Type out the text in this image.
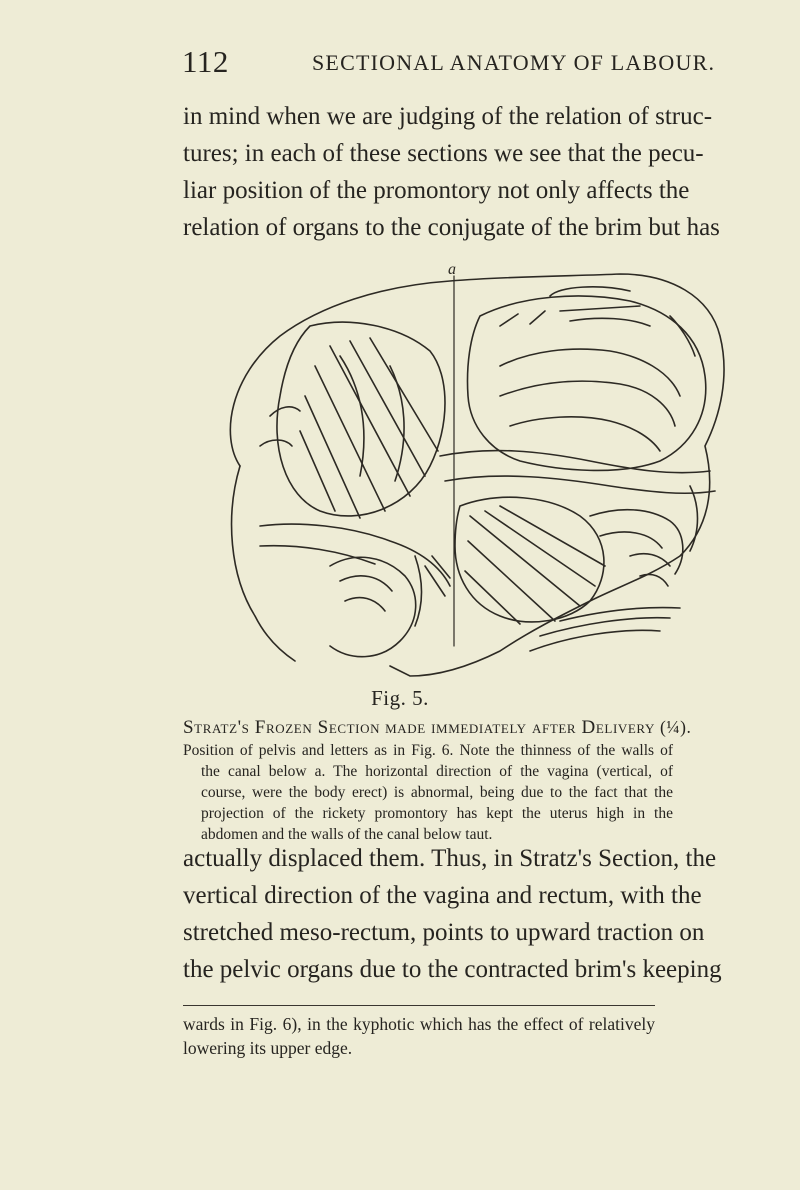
112	SECTIONAL ANATOMY OF LABOUR.
in mind when we are judging of the relation of struc-
tures; in each of these sections we see that the pecu-
liar position of the promontory not only affects the
relation of organs to the conjugate of the brim but has
a
Fig. 5.
Stratz's Frozen Section made immediately after Delivery (¼).
Position of pelvis and letters as in Fig. 6. Note the thinness of the walls of
the canal below a. The horizontal direction of the vagina (vertical, of
course, were the body erect) is abnormal, being due to the fact that the
projection of the rickety promontory has kept the uterus high in the
abdomen and the walls of the canal below taut.
actually displaced them. Thus, in Stratz's Section, the
vertical direction of the vagina and rectum, with the
stretched meso-rectum, points to upward traction on
the pelvic organs due to the contracted brim's keeping
wards in Fig. 6), in the kyphotic which has the effect of relatively
lowering its upper edge.
